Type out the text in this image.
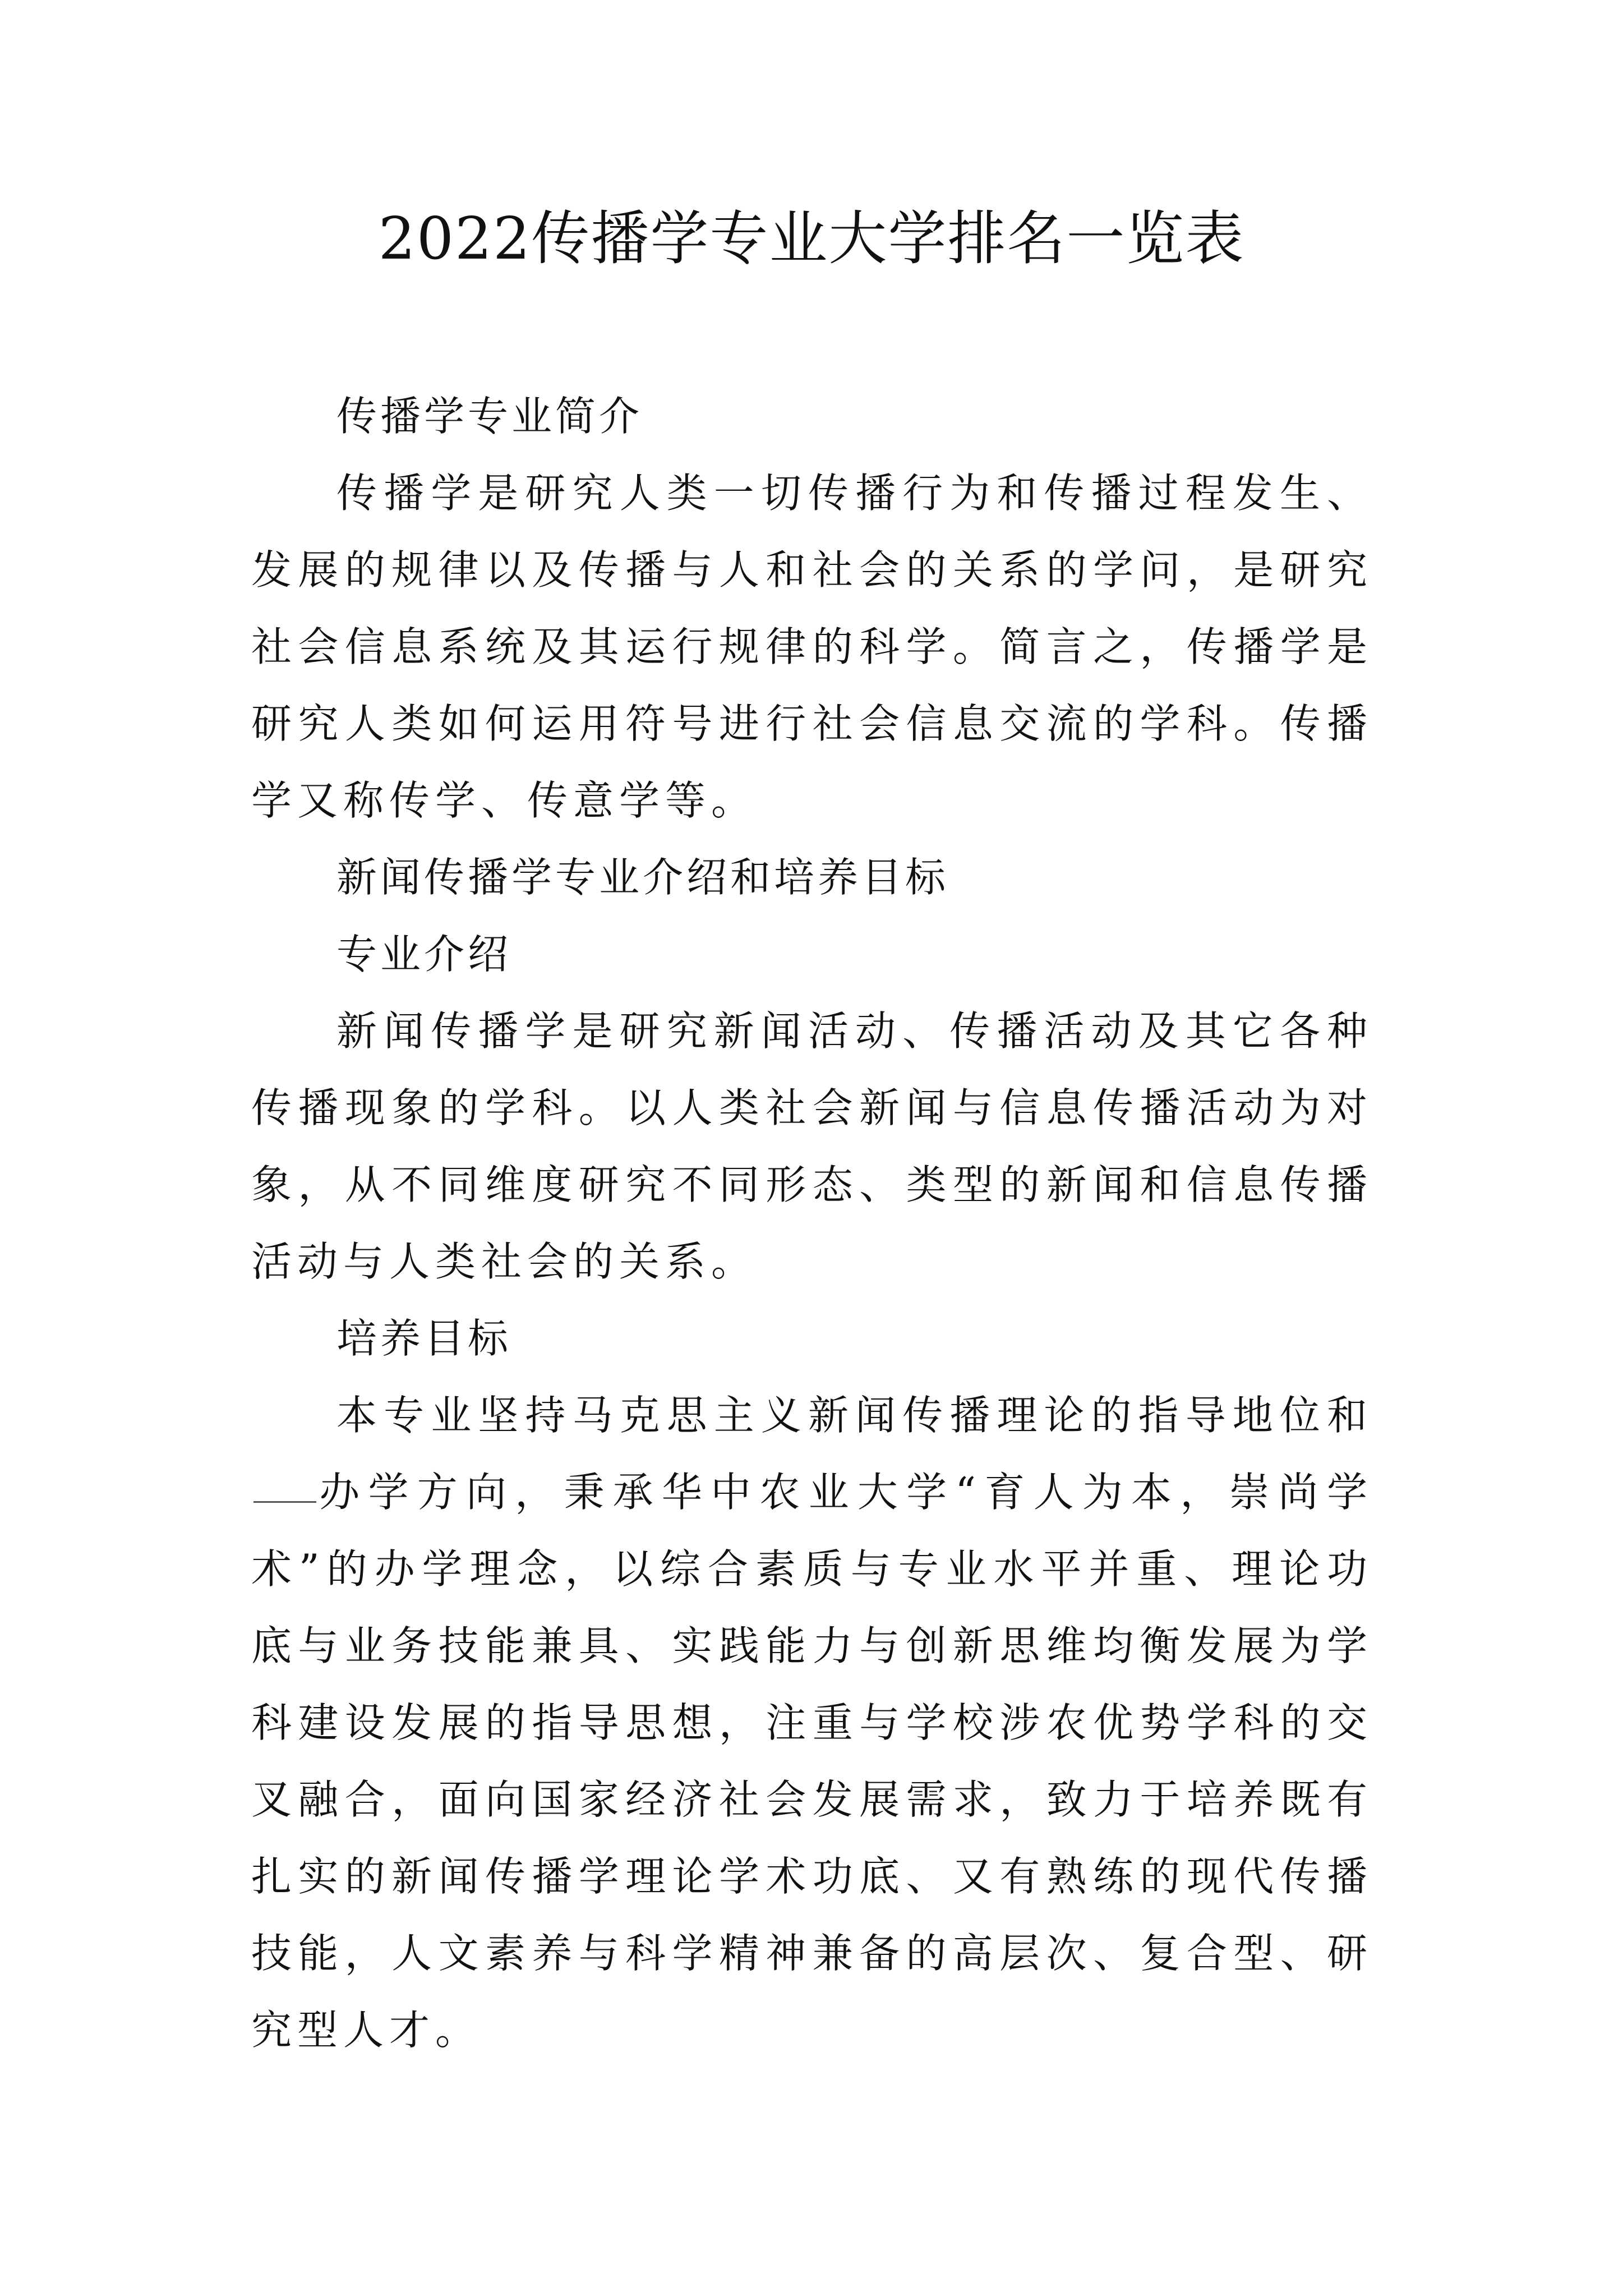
2022传播学专业大学排名一览表

传播学专业简介

传播学是研究人类一切传播行为和传播过程发生、发展的规律以及传播与人和社会的关系的学问，是研究社会信息系统及其运行规律的科学。简言之，传播学是研究人类如何运用符号进行社会信息交流的学科。传播学又称传学、传意学等。

新闻传播学专业介绍和培养目标

专业介绍

新闻传播学是研究新闻活动、传播活动及其它各种传播现象的学科。以人类社会新闻与信息传播活动为对象，从不同维度研究不同形态、类型的新闻和信息传播活动与人类社会的关系。

培养目标

本专业坚持马克思主义新闻传播理论的指导地位和办学方向，秉承华中农业大学“育人为本，崇尚学术”的办学理念，以综合素质与专业水平并重、理论功底与业务技能兼具、实践能力与创新思维均衡发展为学科建设发展的指导思想，注重与学校涉农优势学科的交叉融合，面向国家经济社会发展需求，致力于培养既有扎实的新闻传播学理论学术功底、又有熟练的现代传播技能，人文素养与科学精神兼备的高层次、复合型、研究型人才。
